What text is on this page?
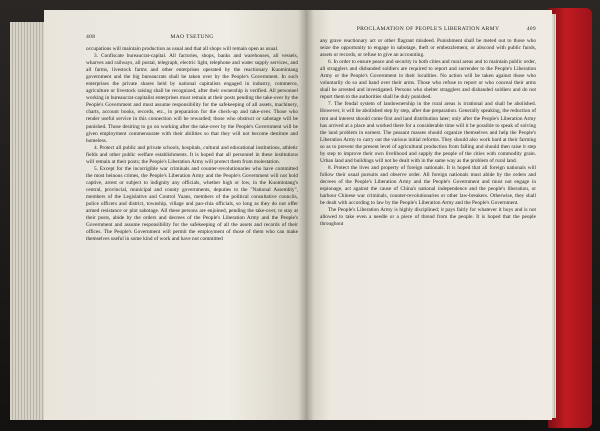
408	MAO TSETUNG

occupations will maintain production as usual and that all shops will remain open as usual.

3. Confiscate bureaucrat-capital. All factories, shops, banks and warehouses, all vessels, wharves and railways, all postal, telegraph, electric light, telephone and water supply services, and all farms, livestock farms and other enterprises operated by the reactionary Kuomintang government and the big bureaucrats shall be taken over by the People's Government. In such enterprises the private shares held by national capitalists engaged in industry, commerce, agriculture or livestock raising shall be recognized, after their ownership is verified. All personnel working in bureaucrat-capitalist enterprises must remain at their posts pending the take-over by the People's Government and must assume responsibility for the safekeeping of all assets, machinery, charts, account books, records, etc., in preparation for the check-up and take-over. Those who render useful service in this connection will be rewarded; those who obstruct or sabotage will be punished. Those desiring to go on working after the take-over by the People's Government will be given employment commensurate with their abilities so that they will not become destitute and homeless.

4. Protect all public and private schools, hospitals, cultural and educational institutions, athletic fields and other public welfare establishments. It is hoped that all personnel in these institutions will remain at their posts; the People's Liberation Army will protect them from molestation.

5. Except for the incorrigible war criminals and counter-revolutionaries who have committed the most heinous crimes, the People's Liberation Army and the People's Government will not hold captive, arrest or subject to indignity any officials, whether high or low, in the Kuomintang's central, provincial, municipal and county governments, deputies to the "National Assembly", members of the Legislative and Control Yuans, members of the political consultative councils, police officers and district, township, village and pao-chia officials, so long as they do not offer armed resistance or plot sabotage. All these persons are enjoined, pending the take-over, to stay at their posts, abide by the orders and decrees of the People's Liberation Army and the People's Government and assume responsibility for the safekeeping of all the assets and records of their offices. The People's Government will permit the employment of those of them who can make themselves useful in some kind of work and have not committed

PROCLAMATION OF PEOPLE'S LIBERATION ARMY	409

any grave reactionary act or other flagrant misdeed. Punishment shall be meted out to those who seize the opportunity to engage in sabotage, theft or embezzlement, or abscond with public funds, assets or records, or refuse to give an accounting.

6. In order to ensure peace and security in both cities and rural areas and to maintain public order, all stragglers and disbanded soldiers are required to report and surrender to the People's Liberation Army or the People's Government in their localities. No action will be taken against those who voluntarily do so and hand over their arms. Those who refuse to report or who conceal their arms shall be arrested and investigated. Persons who shelter stragglers and disbanded soldiers and do not report them to the authorities shall be duly punished.

7. The feudal system of landownership in the rural areas is irrational and shall be abolished. However, it will be abolished step by step, after due preparation. Generally speaking, the reduction of rent and interest should come first and land distribution later; only after the People's Liberation Army has arrived at a place and worked there for a considerable time will it be possible to speak of solving the land problem in earnest. The peasant masses should organize themselves and help the People's Liberation Army to carry out the various initial reforms. They should also work hard at their farming so as to prevent the present level of agricultural production from falling and should then raise it step by step to improve their own livelihood and supply the people of the cities with commodity grain. Urban land and buildings will not be dealt with in the same way as the problem of rural land.

8. Protect the lives and property of foreign nationals. It is hoped that all foreign nationals will follow their usual pursuits and observe order. All foreign nationals must abide by the orders and decrees of the People's Liberation Army and the People's Government and must not engage in espionage, act against the cause of China's national independence and the people's liberation, or harbour Chinese war criminals, counter-revolutionaries or other law-breakers. Otherwise, they shall be dealt with according to law by the People's Liberation Army and the People's Government.

The People's Liberation Army is highly disciplined; it pays fairly for whatever it buys and is not allowed to take even a needle or a piece of thread from the people. It is hoped that the people throughout
